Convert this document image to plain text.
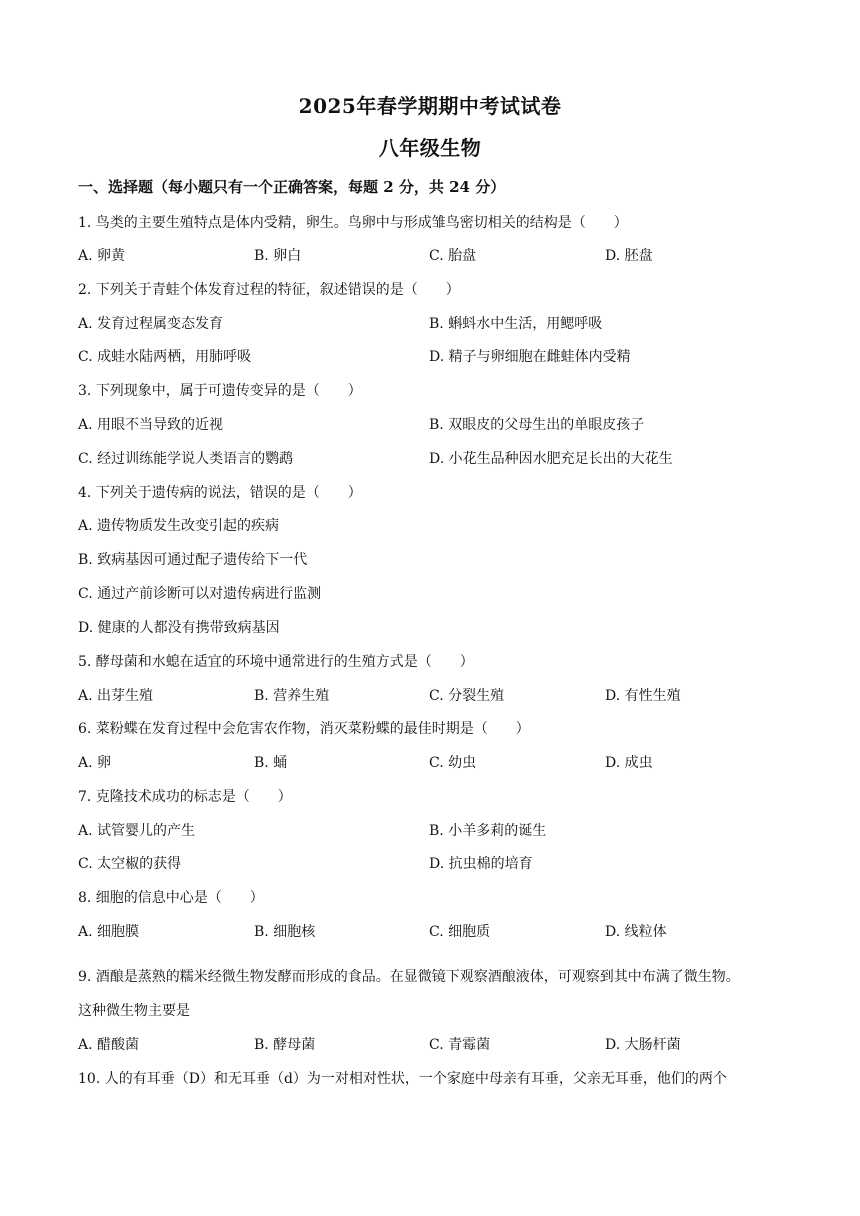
2025年春学期期中考试试卷
八年级生物
一、选择题（每小题只有一个正确答案，每题 2 分，共 24 分）
1. 鸟类的主要生殖特点是体内受精，卵生。鸟卵中与形成雏鸟密切相关的结构是（　　）
A. 卵黄	B. 卵白	C. 胎盘	D. 胚盘
2. 下列关于青蛙个体发育过程的特征，叙述错误的是（　　）
A. 发育过程属变态发育	B. 蝌蚪水中生活，用鳃呼吸
C. 成蛙水陆两栖，用肺呼吸	D. 精子与卵细胞在雌蛙体内受精
3. 下列现象中，属于可遗传变异的是（　　）
A. 用眼不当导致的近视	B. 双眼皮的父母生出的单眼皮孩子
C. 经过训练能学说人类语言的鹦鹉	D. 小花生品种因水肥充足长出的大花生
4. 下列关于遗传病的说法，错误的是（　　）
A. 遗传物质发生改变引起的疾病
B. 致病基因可通过配子遗传给下一代
C. 通过产前诊断可以对遗传病进行监测
D. 健康的人都没有携带致病基因
5. 酵母菌和水螅在适宜的环境中通常进行的生殖方式是（　　）
A. 出芽生殖	B. 营养生殖	C. 分裂生殖	D. 有性生殖
6. 菜粉蝶在发育过程中会危害农作物，消灭菜粉蝶的最佳时期是（　　）
A. 卵	B. 蛹	C. 幼虫	D. 成虫
7. 克隆技术成功的标志是（　　）
A. 试管婴儿的产生	B. 小羊多莉的诞生
C. 太空椒的获得	D. 抗虫棉的培育
8. 细胞的信息中心是（　　）
A. 细胞膜	B. 细胞核	C. 细胞质	D. 线粒体
9. 酒酿是蒸熟的糯米经微生物发酵而形成的食品。在显微镜下观察酒酿液体，可观察到其中布满了微生物。
这种微生物主要是
A. 醋酸菌	B. 酵母菌	C. 青霉菌	D. 大肠杆菌
10. 人的有耳垂（D）和无耳垂（d）为一对相对性状，一个家庭中母亲有耳垂，父亲无耳垂，他们的两个
